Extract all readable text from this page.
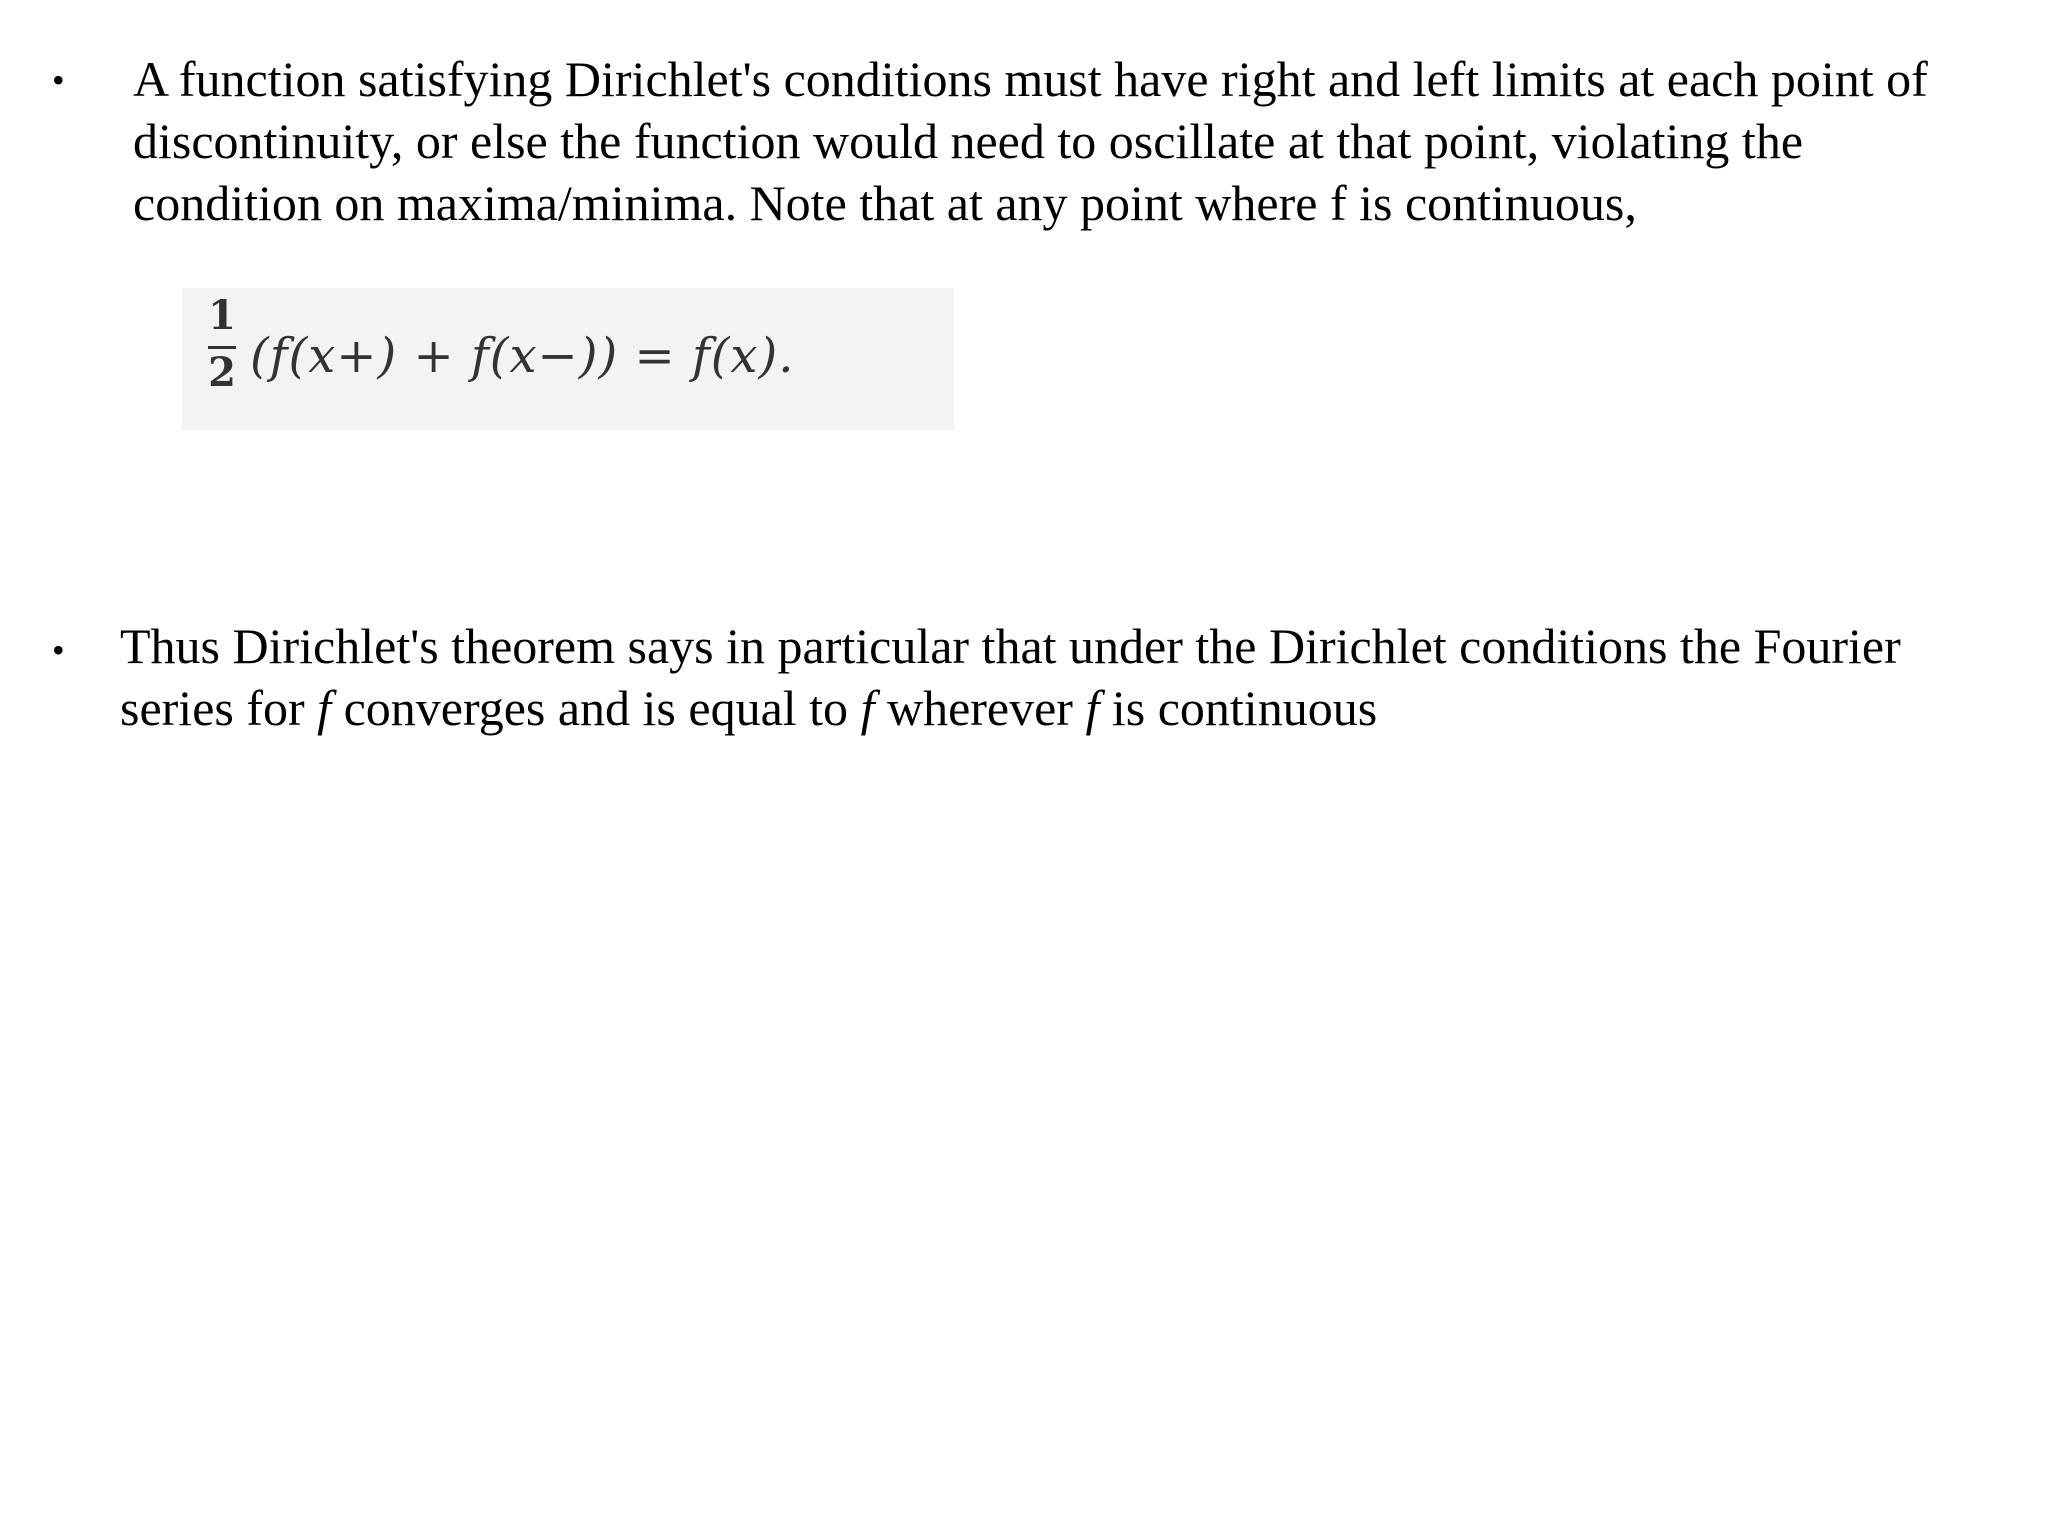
• A function satisfying Dirichlet's conditions must have right and left limits at each point of
discontinuity, or else the function would need to oscillate at that point, violating the
condition on maxima/minima. Note that at any point where f is continuous,
1
2 (f(x+) + f(x−)) = f(x).
• Thus Dirichlet's theorem says in particular that under the Dirichlet conditions the Fourier
series for f converges and is equal to f wherever f is continuous
